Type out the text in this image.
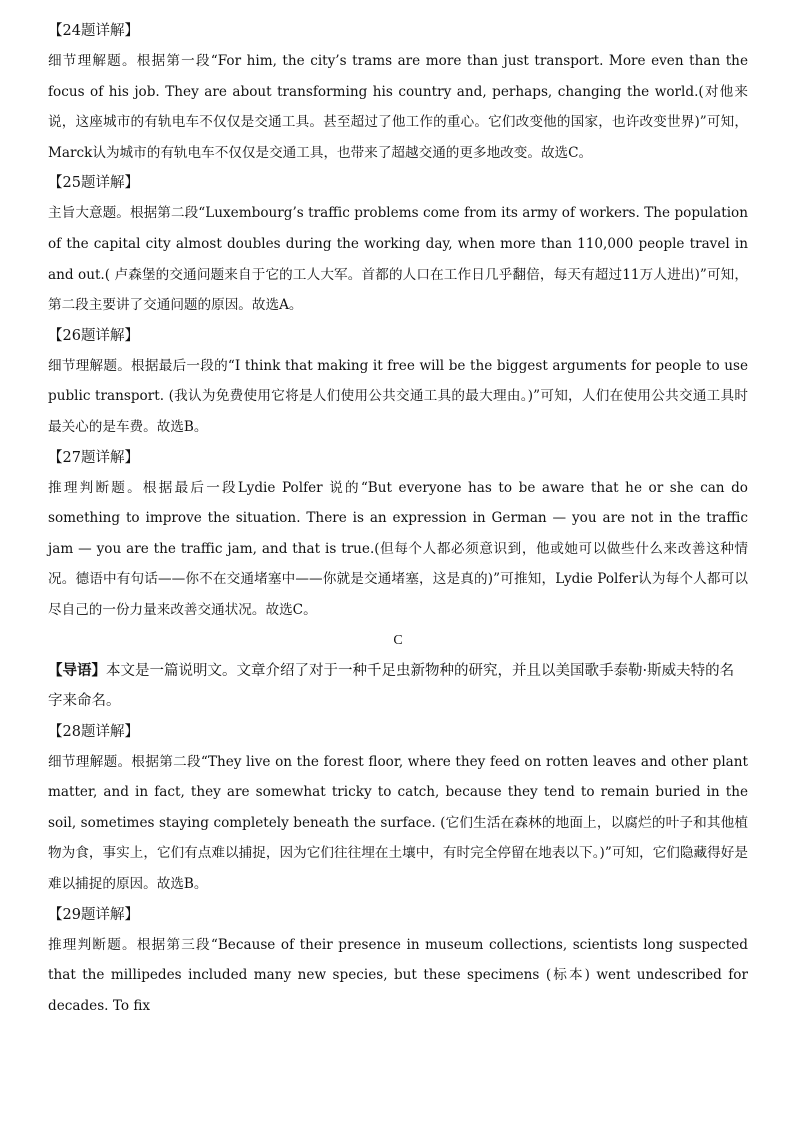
【24题详解】

细节理解题。根据第一段“For him, the city’s trams are more than just transport. More even than the focus of his job. They are about transforming his country and, perhaps, changing the world.(对他来说，这座城市的有轨电车不仅仅是交通工具。甚至超过了他工作的重心。它们改变他的国家，也许改变世界)”可知，Marck认为城市的有轨电车不仅仅是交通工具，也带来了超越交通的更多地改变。故选C。

【25题详解】

主旨大意题。根据第二段“Luxembourg’s traffic problems come from its army of workers. The population of the capital city almost doubles during the working day, when more than 110,000 people travel in and out.( 卢森堡的交通问题来自于它的工人大军。首都的人口在工作日几乎翻倍，每天有超过11万人进出)”可知，第二段主要讲了交通问题的原因。故选A。

【26题详解】

细节理解题。根据最后一段的“I think that making it free will be the biggest arguments for people to use public transport. (我认为免费使用它将是人们使用公共交通工具的最大理由。)”可知，人们在使用公共交通工具时最关心的是车费。故选B。

【27题详解】

推理判断题。根据最后一段Lydie Polfer 说的“But everyone has to be aware that he or she can do something to improve the situation. There is an expression in German — you are not in the traffic jam — you are the traffic jam, and that is true.(但每个人都必须意识到，他或她可以做些什么来改善这种情况。德语中有句话——你不在交通堵塞中——你就是交通堵塞，这是真的)”可推知，Lydie Polfer认为每个人都可以尽自己的一份力量来改善交通状况。故选C。

C

【导语】本文是一篇说明文。文章介绍了对于一种千足虫新物种的研究，并且以美国歌手泰勒·斯威夫特的名字来命名。

【28题详解】

细节理解题。根据第二段“They live on the forest floor, where they feed on rotten leaves and other plant matter, and in fact, they are somewhat tricky to catch, because they tend to remain buried in the soil, sometimes staying completely beneath the surface. (它们生活在森林的地面上，以腐烂的叶子和其他植物为食，事实上，它们有点难以捕捉，因为它们往往埋在土壤中，有时完全停留在地表以下。)”可知，它们隐藏得好是难以捕捉的原因。故选B。

【29题详解】

推理判断题。根据第三段“Because of their presence in museum collections, scientists long suspected that the millipedes included many new species, but these specimens (标本) went undescribed for decades. To fix
